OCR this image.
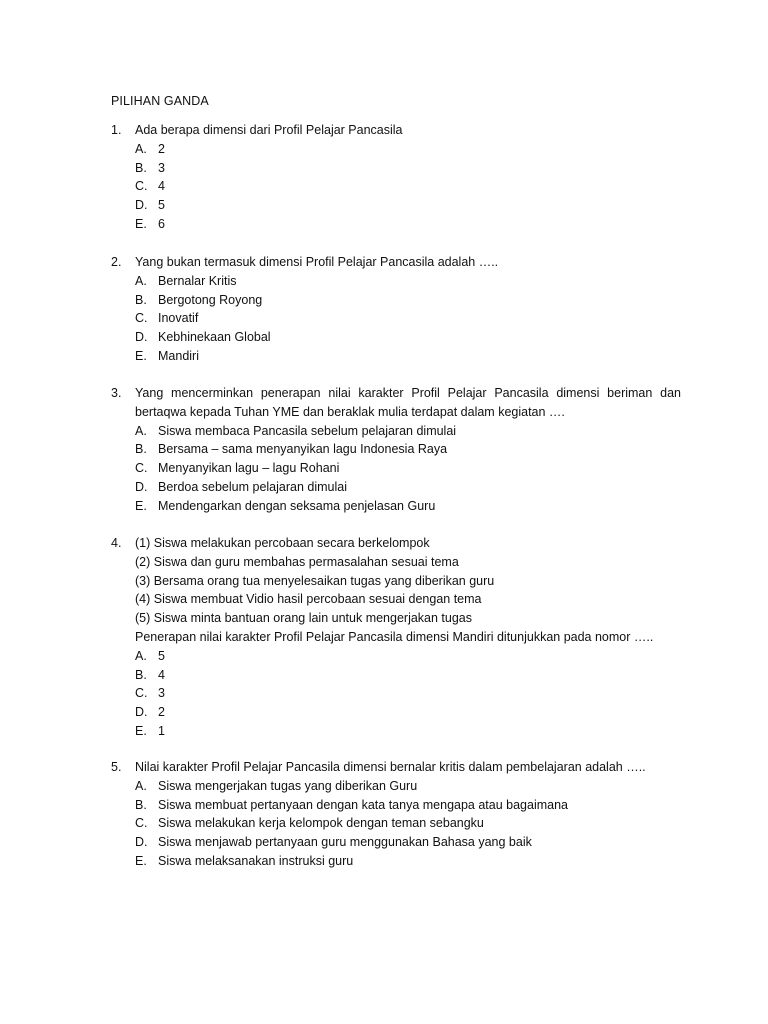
PILIHAN GANDA
1.	Ada berapa dimensi dari Profil Pelajar Pancasila
A. 2
B. 3
C. 4
D. 5
E. 6
2.	Yang bukan termasuk dimensi Profil Pelajar Pancasila adalah …..
A. Bernalar Kritis
B. Bergotong Royong
C. Inovatif
D. Kebhinekaan Global
E. Mandiri
3.	Yang mencerminkan penerapan nilai karakter Profil Pelajar Pancasila dimensi beriman dan bertaqwa kepada Tuhan YME dan beraklak mulia terdapat dalam kegiatan ….
A. Siswa membaca Pancasila sebelum pelajaran dimulai
B. Bersama – sama menyanyikan lagu Indonesia Raya
C. Menyanyikan lagu – lagu Rohani
D. Berdoa sebelum pelajaran dimulai
E. Mendengarkan dengan seksama penjelasan Guru
4.	(1) Siswa melakukan percobaan secara berkelompok
(2) Siswa dan guru membahas permasalahan sesuai tema
(3) Bersama orang tua menyelesaikan tugas yang diberikan guru
(4) Siswa membuat Vidio hasil percobaan sesuai dengan tema
(5) Siswa minta bantuan orang lain untuk mengerjakan tugas
Penerapan nilai karakter Profil Pelajar Pancasila dimensi Mandiri ditunjukkan pada nomor …..
A. 5
B. 4
C. 3
D. 2
E. 1
5.	Nilai karakter Profil Pelajar Pancasila dimensi bernalar kritis dalam pembelajaran adalah …..
A. Siswa mengerjakan tugas yang diberikan Guru
B. Siswa membuat pertanyaan dengan kata tanya mengapa atau bagaimana
C. Siswa melakukan kerja kelompok dengan teman sebangku
D. Siswa menjawab pertanyaan guru menggunakan Bahasa yang baik
E. Siswa melaksanakan instruksi guru
